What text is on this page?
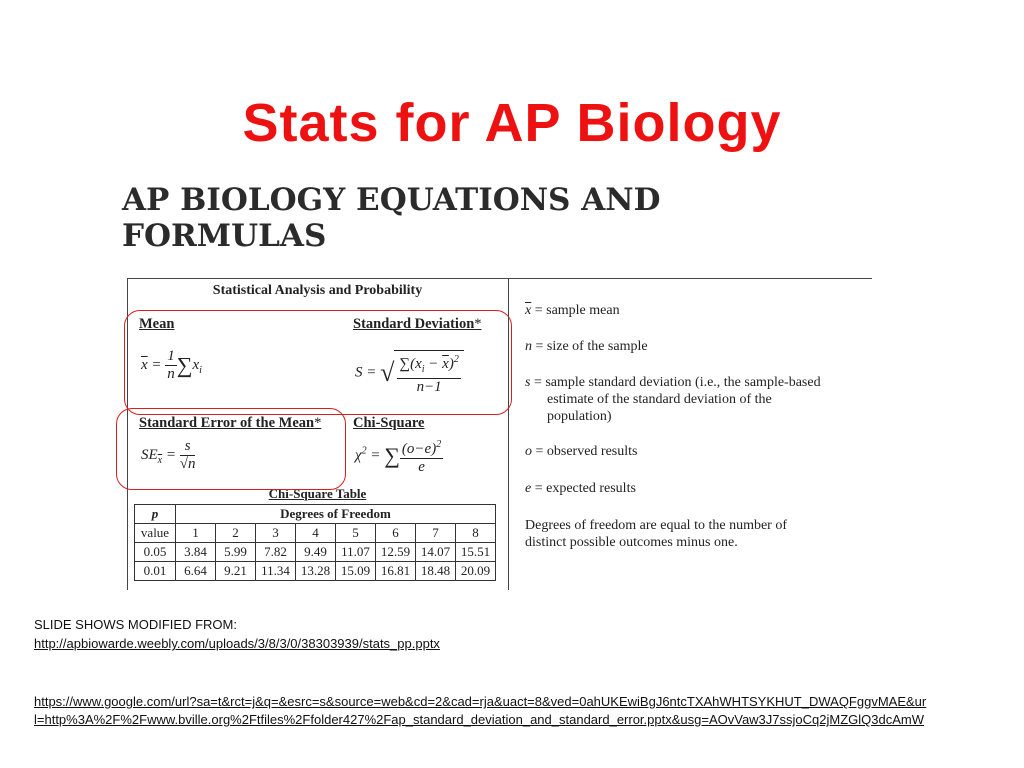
Stats for AP Biology
AP BIOLOGY EQUATIONS AND
FORMULAS
Statistical Analysis and Probability
Mean
$\overline{x} = \frac{1}{n} \sum x_i$
Standard Deviation*
S = √ $\frac{\sum(x_i - \overline{x})^2}{n-1}$
Standard Error of the Mean*
$SE_{\overline{x}} = \frac{s}{√n}$
Chi-Square
$\chi^2$ = ∑ $\frac{(o-e)^2}{e}$
Chi-Square Table
p	Degrees of Freedom							
value	1	2	3	4	5	6	7	8
0.05	3.84	5.99	7.82	9.49	11.07	12.59	14.07	15.51
0.01	6.64	9.21	11.34	13.28	15.09	16.81	18.48	20.09

$\overline{x}$ = sample mean

n = size of the sample

s = sample standard deviation (i.e., the sample-based

estimate of the standard deviation of the

population)

o = observed results

e = expected results

Degrees of freedom are equal to the number of

distinct possible outcomes minus one.

SLIDE SHOWS MODIFIED FROM:
http://apbiowarde.weebly.com/uploads/3/8/3/0/38303939/stats_pp.pptx
https://www.google.com/url?sa=t&rct=j&q=&esrc=s&source=web&cd=2&cad=rja&uact=8&ved=0ahUKEwiBgJ6ntcTXAhWHTSYKHUT_DWAQFggvMAE&ur
l=http%3A%2F%2Fwww.bville.org%2Ftfiles%2Ffolder427%2Fap_standard_deviation_and_standard_error.pptx&usg=AOvVaw3J7ssjoCq2jMZGlQ3dcAmW
